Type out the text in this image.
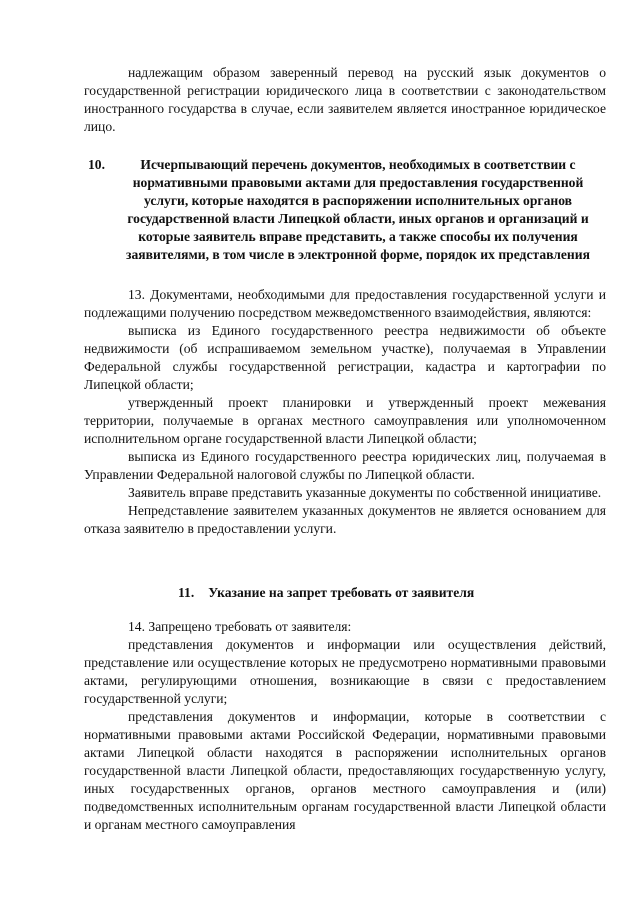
надлежащим образом заверенный перевод на русский язык документов о государственной регистрации юридического лица в соответствии с законодательством иностранного государства в случае, если заявителем является иностранное юридическое лицо.

10.	Исчерпывающий перечень документов, необходимых в соответствии с нормативными правовыми актами для предоставления государственной услуги, которые находятся в распоряжении исполнительных органов государственной власти Липецкой области, иных органов и организаций и которые заявитель вправе представить, а также способы их получения заявителями, в том числе в электронной форме, порядок их представления

13. Документами, необходимыми для предоставления государственной услуги и подлежащими получению посредством межведомственного взаимодействия, являются:

выписка из Единого государственного реестра недвижимости об объекте недвижимости (об испрашиваемом земельном участке), получаемая в Управлении Федеральной службы государственной регистрации, кадастра и картографии по Липецкой области;

утвержденный проект планировки и утвержденный проект межевания территории, получаемые в органах местного самоуправления или уполномоченном исполнительном органе государственной власти Липецкой области;

выписка из Единого государственного реестра юридических лиц, получаемая в Управлении Федеральной налоговой службы по Липецкой области.

Заявитель вправе представить указанные документы по собственной инициативе.

Непредставление заявителем указанных документов не является основанием для отказа заявителю в предоставлении услуги.

11. Указание на запрет требовать от заявителя

14. Запрещено требовать от заявителя:

представления документов и информации или осуществления действий, представление или осуществление которых не предусмотрено нормативными правовыми актами, регулирующими отношения, возникающие в связи с предоставлением государственной услуги;

представления документов и информации, которые в соответствии с нормативными правовыми актами Российской Федерации, нормативными правовыми актами Липецкой области находятся в распоряжении исполнительных органов государственной власти Липецкой области, предоставляющих государственную услугу, иных государственных органов, органов местного самоуправления и (или) подведомственных исполнительным органам государственной власти Липецкой области и органам местного самоуправления
